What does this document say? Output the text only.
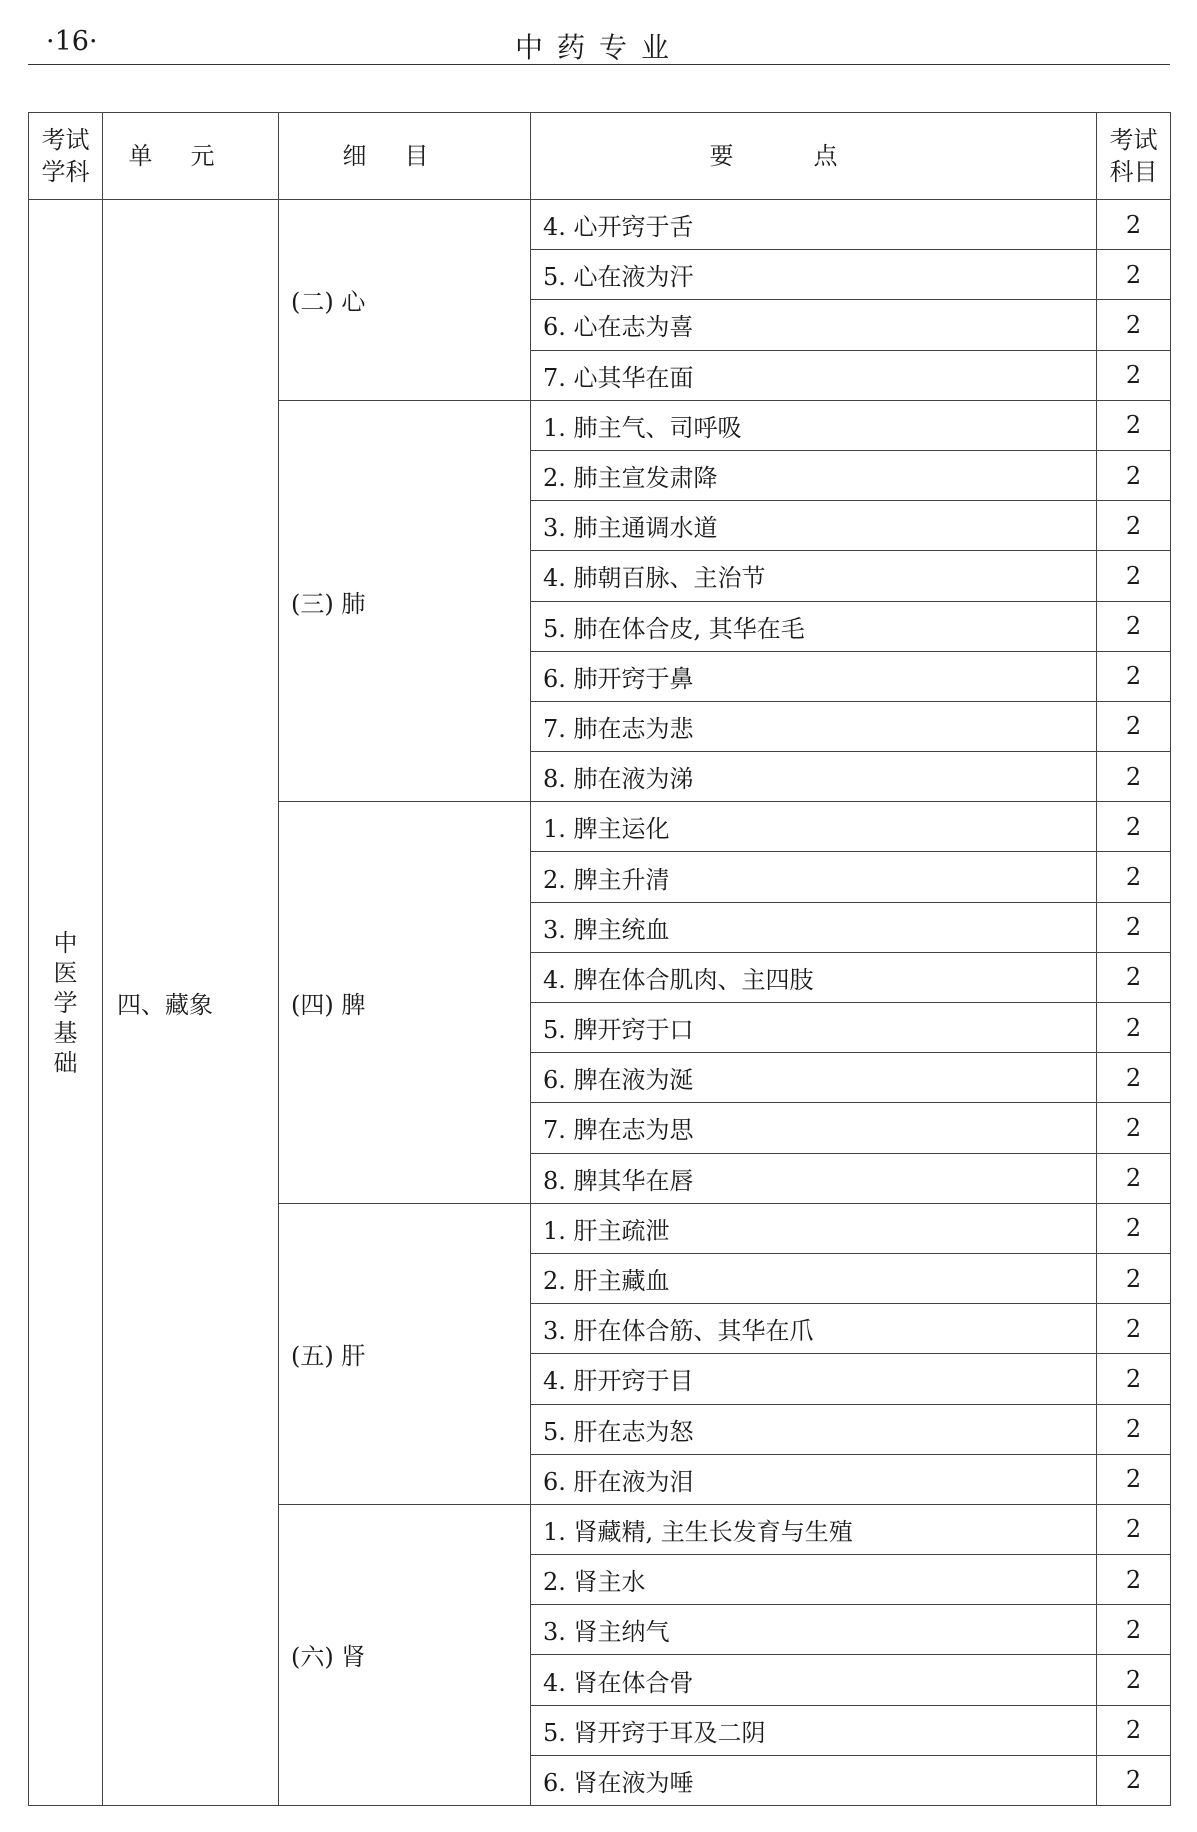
·16·	中药专业
考试学科	单元	细目	要点	考试科目
中医学基础	四、藏象	(二) 心	4. 心开窍于舌	2
			5. 心在液为汗	2
			6. 心在志为喜	2
			7. 心其华在面	2
		(三) 肺	1. 肺主气、司呼吸	2
			2. 肺主宣发肃降	2
			3. 肺主通调水道	2
			4. 肺朝百脉、主治节	2
			5. 肺在体合皮, 其华在毛	2
			6. 肺开窍于鼻	2
			7. 肺在志为悲	2
			8. 肺在液为涕	2
		(四) 脾	1. 脾主运化	2
			2. 脾主升清	2
			3. 脾主统血	2
			4. 脾在体合肌肉、主四肢	2
			5. 脾开窍于口	2
			6. 脾在液为涎	2
			7. 脾在志为思	2
			8. 脾其华在唇	2
		(五) 肝	1. 肝主疏泄	2
			2. 肝主藏血	2
			3. 肝在体合筋、其华在爪	2
			4. 肝开窍于目	2
			5. 肝在志为怒	2
			6. 肝在液为泪	2
		(六) 肾	1. 肾藏精, 主生长发育与生殖	2
			2. 肾主水	2
			3. 肾主纳气	2
			4. 肾在体合骨	2
			5. 肾开窍于耳及二阴	2
			6. 肾在液为唾	2
